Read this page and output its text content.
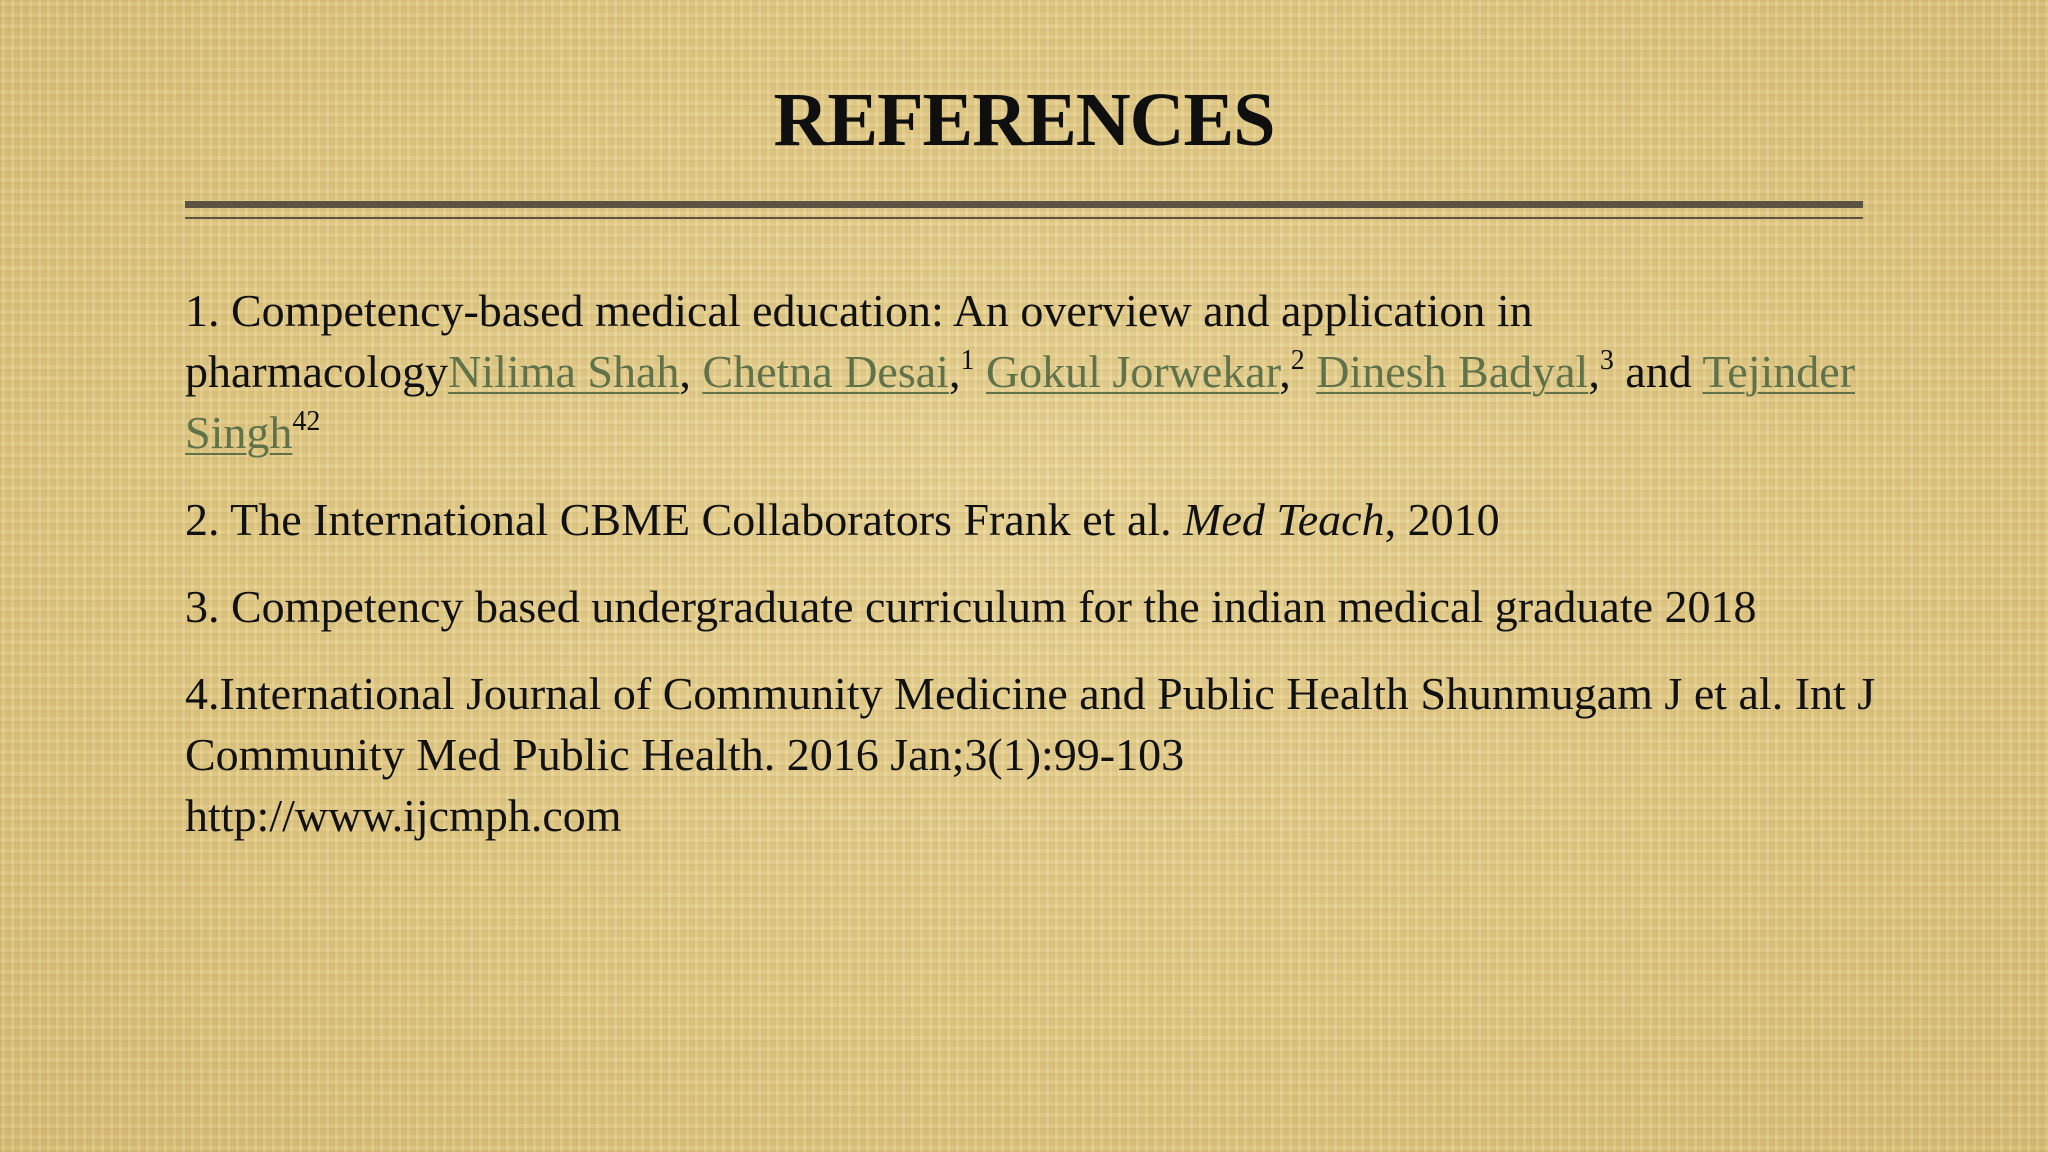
REFERENCES

1. Competency-based medical education: An overview and application in pharmacologyNilima Shah, Chetna Desai,$^1$ Gokul Jorwekar,$^2$ Dinesh Badyal,$^3$ and Tejinder Singh$^{42}$

2. The International CBME Collaborators Frank et al. Med Teach, 2010

3. Competency based undergraduate curriculum for the indian medical graduate 2018

4.International Journal of Community Medicine and Public Health Shunmugam J et al. Int J Community Med Public Health. 2016 Jan;3(1):99-103
http://www.ijcmph.com
